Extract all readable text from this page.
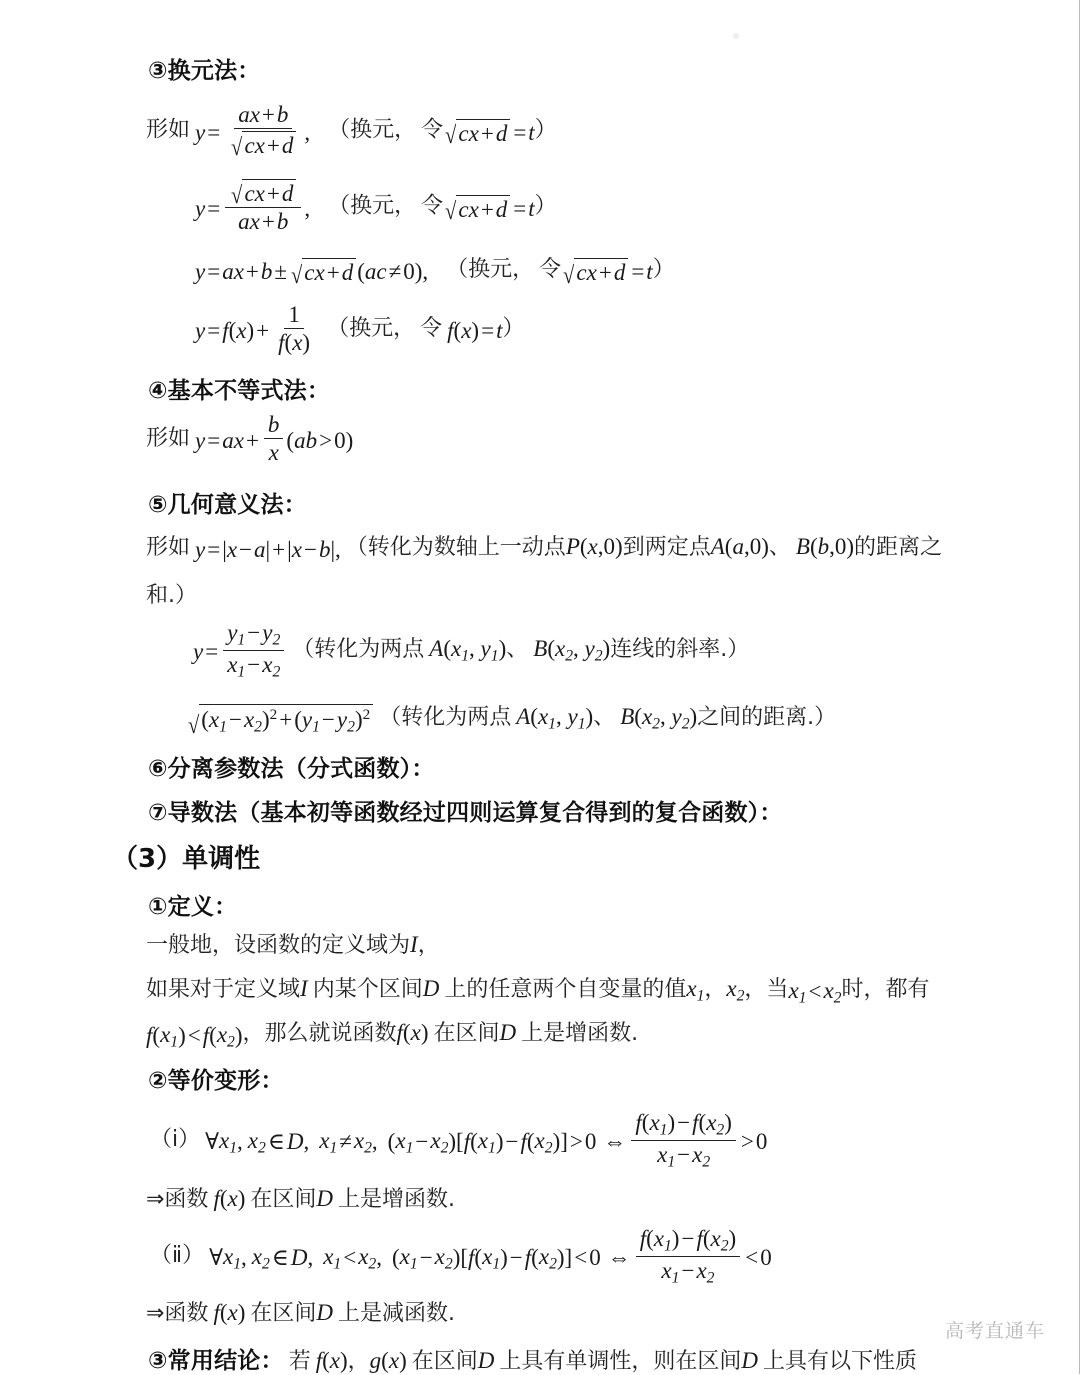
③换元法：
形如 $y = \frac{ax+b}{√ cx+d}$ , （换元， 令 √ cx+d = t ）
$y = \frac{√ cx+d}{ax+b}$ , （换元， 令 √ cx+d = t ）
y = ax + b ± √ cx+d ( ac ≠ 0) , （换元， 令 √ cx+d = t ）
y = f ( x ) + $\frac{1}{f(x)}$ （换元， 令 f ( x ) = t ）
④基本不等式法：
形如 y = ax + $\frac{b}{x}$ ( ab > 0)
⑤几何意义法：
形如 y = | x − a | + | x − b | , （转化为数轴上一动点P(x,0)到两定点A(a,0)、 B(b,0)的距离之
和.）
$y = \frac{y_1-y_2}{x_1-x_2}$ （转化为两点 $A(x_1$, $y_1$)、 $B(x_2$, $y_2$)连线的斜率.）
√ $(x_1-x_2)^2+(y_1-y_2)^2$ （转化为两点 $A(x_1$, $y_1$)、 $B(x_2$, $y_2$)之间的距离.）
⑥分离参数法（分式函数）：
⑦导数法（基本初等函数经过四则运算复合得到的复合函数）：
（3）单调性
①定义：
一般地，设函数的定义域为I，
如果对于定义域I 内某个区间D 上的任意两个自变量的值$x_1$，$x_2$，当 $x_1 < x_2$ 时，都有
f ( $x_1$ ) < f ( $x_2$ ) ，那么就说函数f(x) 在区间D 上是增函数.
②等价变形：
（ⅰ） ∀ $x_1$ , $x_2$ ∈ D , $x_1 \ne x_2$ , ( $x_1 - x_2$ )[ f ( $x_1$ ) − f ( $x_2$ )] > 0 ⇔ $\frac{f(x_1)-f(x_2)}{x_1-x_2} > 0$
⇒函数 f(x) 在区间D 上是增函数.
（ⅱ） ∀ $x_1$ , $x_2$ ∈ D , $x_1 < x_2$ , ( $x_1 - x_2$ )[ f ( $x_1$ ) − f ( $x_2$ )] < 0 ⇔ $\frac{f(x_1)-f(x_2)}{x_1-x_2} < 0$
⇒函数 f(x) 在区间D 上是减函数.
③常用结论： 若 f(x)，g(x) 在区间D 上具有单调性，则在区间D 上具有以下性质
高考直通车
